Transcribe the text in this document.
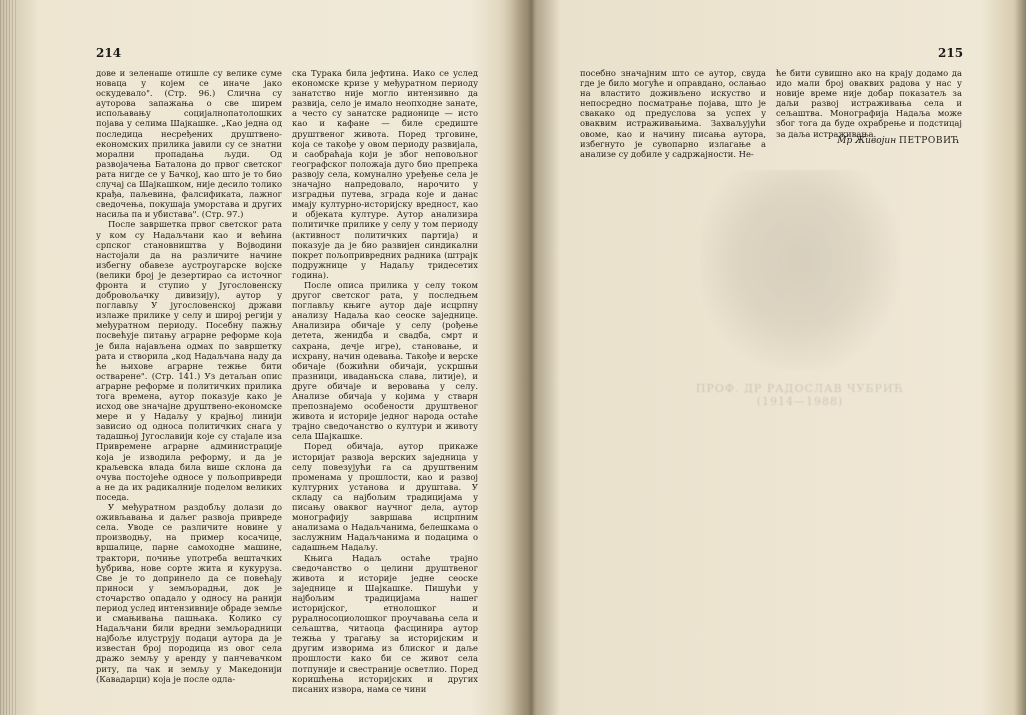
214

дове и зеленаше отишле су велике суме новаца у којем се иначе јако оскудевало". (Стр. 96.) Слична су ауторова запажања о све ширем испољавању социјалнопатолошких појава у селима Шајкашке. „Као једна од последица несређених друштвено-економских прилика јавили су се знатни морални пропадања људи. Од развојачења Баталона до првог светског рата нигде се у Бачкој, као што је то био случај са Шајкашком, није десило толико крађа, паљевина, фалсификата, лажног сведочења, покушаја уморстава и других насиља па и убистава". (Стр. 97.)

После завршетка првог светског рата у ком су Надаљчани као и већина српског становништва у Војводини настојали да на различите начине избегну обавезе аустроугарске војске (велики број је дезертирао са источног фронта и ступио у Југословенску добровољачку дивизију), аутор у поглављу У југословенској држави излаже прилике у селу и широј регији у међуратном периоду. Посебну пажњу посвећује питању аграрне реформе која је била најављена одмах по завршетку рата и створила „код Надаљчана наду да ће њихове аграрне тежње бити остварене". (Стр. 141.) Уз детаљан опис аграрне реформе и политичких прилика тога времена, аутор показује како је исход ове значајне друштвено-економске мере и у Надаљу у крајњој линији зависио од односа политичких снага у тадашњој Југославији које су стајале иза Привремене аграрне администрације која је изводила реформу, и да је краљевска влада била више склона да очува постојеће односе у пољопривреди а не да их радикалније поделом великих поседа.

У међуратном раздобљу долази до оживљавања и даљег развоја привреде села. Уводе се различите новине у производњу, на пример косачице, вршалице, парне самоходне машине, трактори, почиње употреба вештачких ђубрива, нове сорте жита и кукуруза. Све је то допринело да се повећају приноси у земљорадњи, док је сточарство опадало у односу на ранији период услед интензивније обраде земље и смањивања пашњака. Колико су Надаљчани били вредни земљорадници најбоље илуструју подаци аутора да је известан број породица из овог села дражо земљу у аренду у панчевачком риту, па чак и земљу у Македонији (Кавадарци) која је после одла-

ска Турака била јефтина. Иако се услед економске кризе у међуратном периоду занатство није могло интензивно да развија, село је имало неопходне занате, а често су занатске радионице — исто као и кафане — биле средиште друштвеног живота. Поред трговине, која се такође у овом периоду развијала, и саобраћаја који је због неповољног географског положаја дуго био препрека развоју села, комунално уређење села је значајно напредовало, нарочито у изградњи путева, зграда које и данас имају културно-историјску вредност, као и објеката културе. Аутор анализира политичке прилике у селу у том периоду (активност политичких партија) и показује да је био развијен синдикални покрет пољопривредних радника (штрајк подружнице у Надаљу тридесетих година).

После описа прилика у селу током другог светског рата, у последњем поглављу књиге аутор даје исцрпну анализу Надаља као сеоске заједнице. Анализира обичаје у селу (рођење детета, женидба и свадба, смрт и сахрана, дечје игре), становање, и исхрану, начин одевања. Такође и верске обичаје (божићни обичаји, ускршњи празници, иваданьска слава, литије), и друге обичаје и веровања у селу. Анализе обичаја у којима у стварн препознајемо особености друштвеног живота и историје једног народа остаће трајно сведочанство о култури и животу села Шајкашке.

Поред обичаја, аутор прикаже историјат развоја верских заједница у селу повезујући га са друштвеним променама у прошлости, као и развој културних установа и друштава. У складу са најбољим традицијама у писању оваквог научног дела, аутор монографију завршава исцрпним анализама о Надаљчанима, белешкама о заслужним Надаљчанима и подацима о садашњем Надаљу.

Књига Надаљ остаће трајно сведочанство о целини друштвеног живота и историје једне сеоске заједнице и Шајкашке. Пишући у најбољим традицијама нашег историјског, етнолошког и руралносоциолошког проучавања села и сељаштва, читаоца фасцинира аутор тежња у трагању за историјским и другим изворима из блиског и даље прошлости како би се живот села потпуније и свестраније осветлио. Поред коришћења историјских и других писаних извора, нама се чини

215

посебно значајним што се аутор, свуда где је било могуће и оправдано, ослањао на властито доживљено искуство и непосредно посматрање појава, што је свакако од предуслова за успех у оваквим истраживањима. Захваљујући овоме, као и начину писања аутора, избегнуто је сувопарно излагање а анализе су добиле у садржајности. Не-

ће бити сувишно ако на крају додамо да идо мали број оваквих радова у нас у новије време није добар показатељ за даљи развој истраживања села и сељаштва. Монографија Надаља може због тога да буде охрабрење и подстицај за даља истраживања.

Мр Живојин ПЕТРОВИЋ
ПРОФ. ДР РАДОСЛАВ ЧУБРИЋ (1914—1988)
